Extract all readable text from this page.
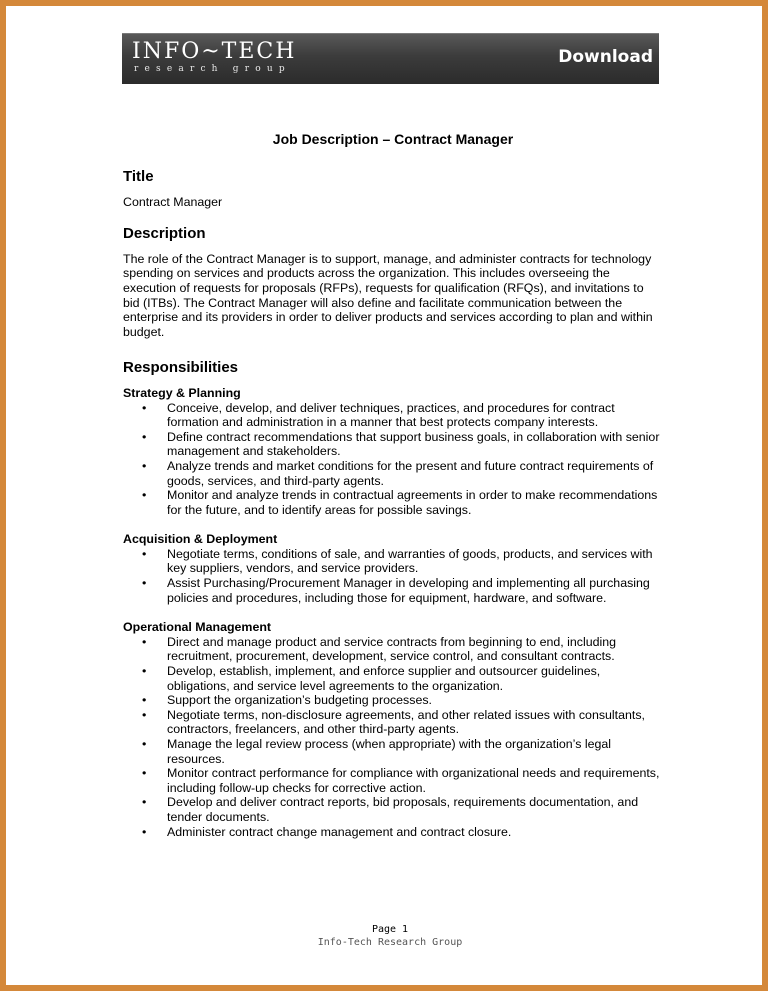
INFO~TECH
research group
Download
Job Description – Contract Manager
Title

Contract Manager

Description

The role of the Contract Manager is to support, manage, and administer contracts for technology spending on services and products across the organization. This includes overseeing the execution of requests for proposals (RFPs), requests for qualification (RFQs), and invitations to bid (ITBs). The Contract Manager will also define and facilitate communication between the enterprise and its providers in order to deliver products and services according to plan and within budget.

Responsibilities
Strategy & Planning
• Conceive, develop, and deliver techniques, practices, and procedures for contract formation and administration in a manner that best protects company interests.
• Define contract recommendations that support business goals, in collaboration with senior management and stakeholders.
• Analyze trends and market conditions for the present and future contract requirements of goods, services, and third-party agents.
• Monitor and analyze trends in contractual agreements in order to make recommendations for the future, and to identify areas for possible savings.
Acquisition & Deployment
• Negotiate terms, conditions of sale, and warranties of goods, products, and services with key suppliers, vendors, and service providers.
• Assist Purchasing/Procurement Manager in developing and implementing all purchasing policies and procedures, including those for equipment, hardware, and software.
Operational Management
• Direct and manage product and service contracts from beginning to end, including recruitment, procurement, development, service control, and consultant contracts.
• Develop, establish, implement, and enforce supplier and outsourcer guidelines, obligations, and service level agreements to the organization.
• Support the organization’s budgeting processes.
• Negotiate terms, non-disclosure agreements, and other related issues with consultants, contractors, freelancers, and other third-party agents.
• Manage the legal review process (when appropriate) with the organization’s legal resources.
• Monitor contract performance for compliance with organizational needs and requirements, including follow-up checks for corrective action.
• Develop and deliver contract reports, bid proposals, requirements documentation, and tender documents.
• Administer contract change management and contract closure.
Page 1
Info-Tech Research Group
